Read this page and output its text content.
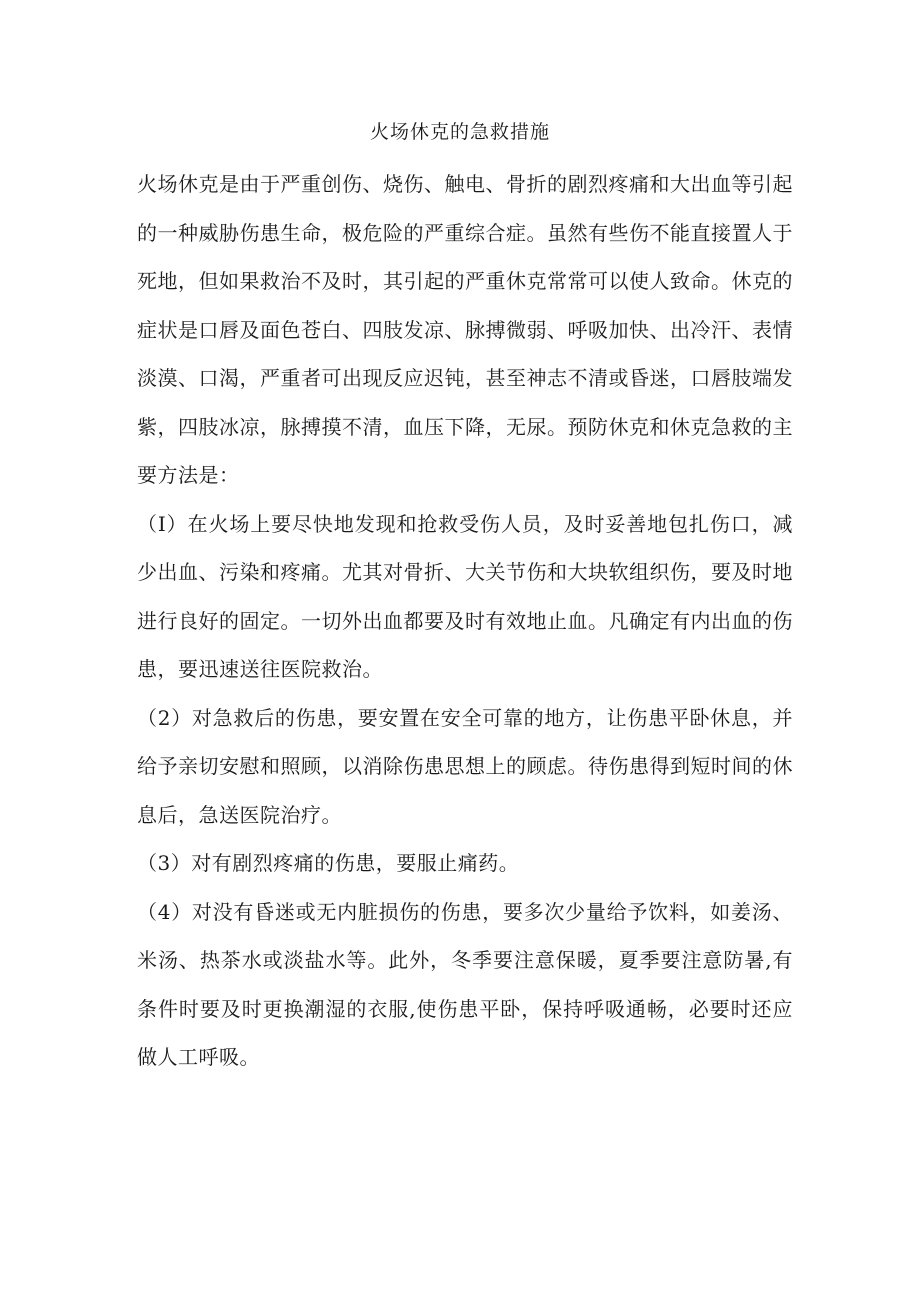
火场休克的急救措施

火场休克是由于严重创伤、烧伤、触电、骨折的剧烈疼痛和大出血等引起的一种威胁伤患生命，极危险的严重综合症。虽然有些伤不能直接置人于死地，但如果救治不及时，其引起的严重休克常常可以使人致命。休克的症状是口唇及面色苍白、四肢发凉、脉搏微弱、呼吸加快、出冷汗、表情淡漠、口渴，严重者可出现反应迟钝，甚至神志不清或昏迷，口唇肢端发紫，四肢冰凉，脉搏摸不清，血压下降，无尿。预防休克和休克急救的主要方法是：

（I）在火场上要尽快地发现和抢救受伤人员，及时妥善地包扎伤口，减少出血、污染和疼痛。尤其对骨折、大关节伤和大块软组织伤，要及时地进行良好的固定。一切外出血都要及时有效地止血。凡确定有内出血的伤患，要迅速送往医院救治。

（2）对急救后的伤患，要安置在安全可靠的地方，让伤患平卧休息，并给予亲切安慰和照顾，以消除伤患思想上的顾虑。待伤患得到短时间的休息后，急送医院治疗。

（3）对有剧烈疼痛的伤患，要服止痛药。

（4）对没有昏迷或无内脏损伤的伤患，要多次少量给予饮料，如姜汤、米汤、热茶水或淡盐水等。此外，冬季要注意保暖，夏季要注意防暑,有条件时要及时更换潮湿的衣服,使伤患平卧，保持呼吸通畅，必要时还应做人工呼吸。
